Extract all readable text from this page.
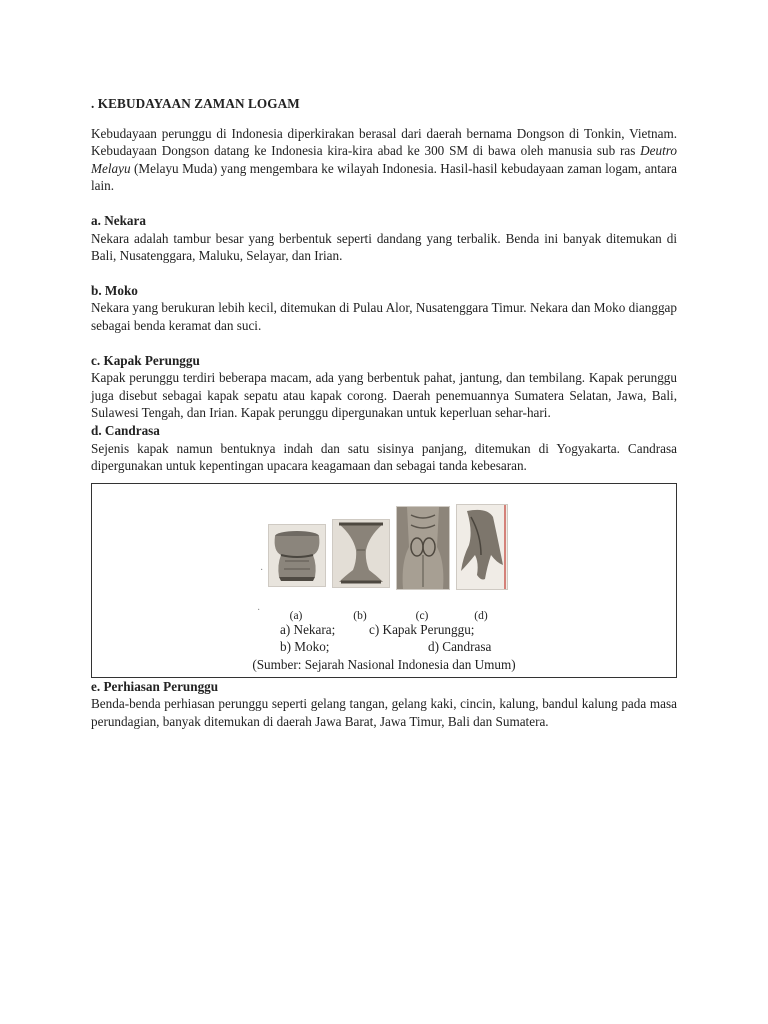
. KEBUDAYAAN ZAMAN LOGAM

Kebudayaan perunggu di Indonesia diperkirakan berasal dari daerah bernama Dongson di Tonkin, Vietnam. Kebudayaan Dongson datang ke Indonesia kira-kira abad ke 300 SM di bawa oleh manusia sub ras Deutro Melayu (Melayu Muda) yang mengembara ke wilayah Indonesia. Hasil-hasil kebudayaan zaman logam, antara lain.

a. Nekara

Nekara adalah tambur besar yang berbentuk seperti dandang yang terbalik. Benda ini banyak ditemukan di Bali, Nusatenggara, Maluku, Selayar, dan Irian.

b. Moko

Nekara yang berukuran lebih kecil, ditemukan di Pulau Alor, Nusatenggara Timur. Nekara dan Moko dianggap sebagai benda keramat dan suci.

c. Kapak Perunggu

Kapak perunggu terdiri beberapa macam, ada yang berbentuk pahat, jantung, dan tembilang. Kapak perunggu juga disebut sebagai kapak sepatu atau kapak corong. Daerah penemuannya Sumatera Selatan, Jawa, Bali, Sulawesi Tengah, dan Irian. Kapak perunggu dipergunakan untuk keperluan sehar-hari.

d. Candrasa

Sejenis kapak namun bentuknya indah dan satu sisinya panjang, ditemukan di Yogyakarta. Candrasa dipergunakan untuk kepentingan upacara keagamaan dan sebagai tanda kebesaran.

·
·	(a)	(b)	(c)	(d)
a) Nekara;	c) Kapak Perunggu;
b) Moko;	d) Candrasa

(Sumber: Sejarah Nasional Indonesia dan Umum)

e. Perhiasan Perunggu

Benda-benda perhiasan perunggu seperti gelang tangan, gelang kaki, cincin, kalung, bandul kalung pada masa perundagian, banyak ditemukan di daerah Jawa Barat, Jawa Timur, Bali dan Sumatera.
